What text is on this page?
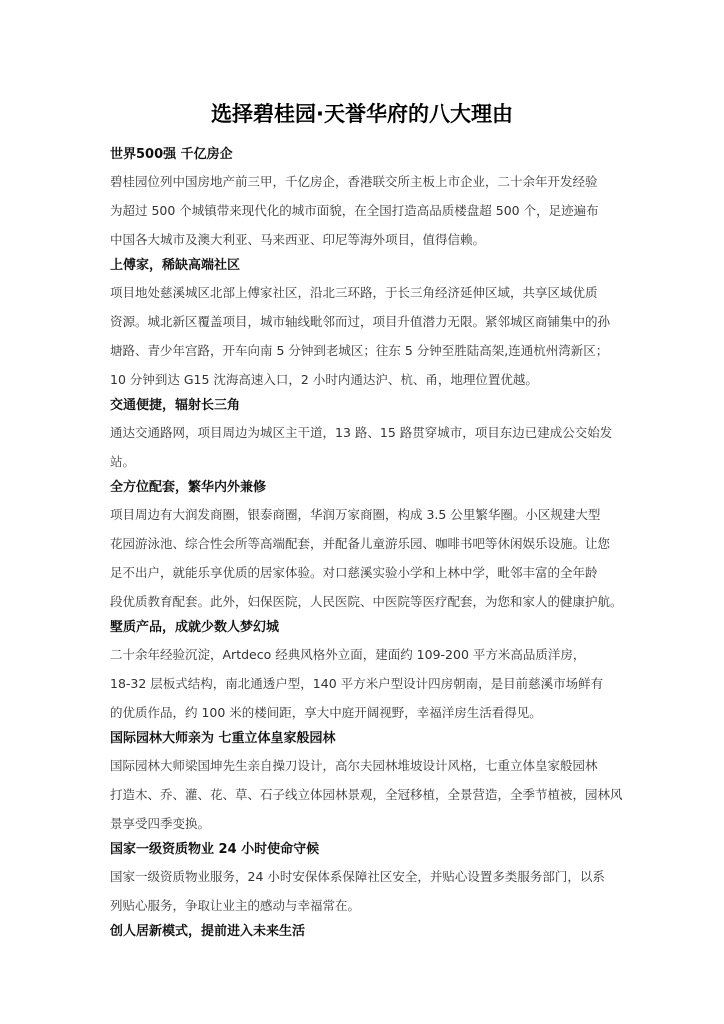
选择碧桂园·天誉华府的八大理由
世界500强 千亿房企
碧桂园位列中国房地产前三甲，千亿房企，香港联交所主板上市企业，二十余年开发经验
为超过 500 个城镇带来现代化的城市面貌，在全国打造高品质楼盘超 500 个，足迹遍布
中国各大城市及澳大利亚、马来西亚、印尼等海外项目，值得信赖。
上傅家，稀缺高端社区
项目地处慈溪城区北部上傅家社区，沿北三环路，于长三角经济延伸区域，共享区域优质
资源。城北新区覆盖项目，城市轴线毗邻而过，项目升值潜力无限。紧邻城区商铺集中的孙
塘路、青少年宫路，开车向南 5 分钟到老城区；往东 5 分钟至胜陆高架,连通杭州湾新区；
10 分钟到达 G15 沈海高速入口，2 小时内通达沪、杭、甬，地理位置优越。
交通便捷，辐射长三角
通达交通路网，项目周边为城区主干道，13 路、15 路贯穿城市，项目东边已建成公交始发
站。
全方位配套，繁华内外兼修
项目周边有大润发商圈，银泰商圈，华润万家商圈，构成 3.5 公里繁华圈。小区规建大型
花园游泳池、综合性会所等高端配套，并配备儿童游乐园、咖啡书吧等休闲娱乐设施。让您
足不出户，就能乐享优质的居家体验。对口慈溪实验小学和上林中学，毗邻丰富的全年龄
段优质教育配套。此外，妇保医院，人民医院、中医院等医疗配套，为您和家人的健康护航。
墅质产品，成就少数人梦幻城
二十余年经验沉淀，Artdeco 经典风格外立面，建面约 109-200 平方米高品质洋房，
18-32 层板式结构，南北通透户型，140 平方米户型设计四房朝南，是目前慈溪市场鲜有
的优质作品，约 100 米的楼间距，享大中庭开阔视野，幸福洋房生活看得见。
国际园林大师亲为 七重立体皇家般园林
国际园林大师梁国坤先生亲自操刀设计，高尔夫园林堆坡设计风格，七重立体皇家般园林
打造木、乔、灌、花、草、石子线立体园林景观，全冠移植，全景营造，全季节植被，园林风
景享受四季变换。
国家一级资质物业 24 小时使命守候
国家一级资质物业服务，24 小时安保体系保障社区安全，并贴心设置多类服务部门，以系
列贴心服务，争取让业主的感动与幸福常在。
创人居新模式，提前进入未来生活
